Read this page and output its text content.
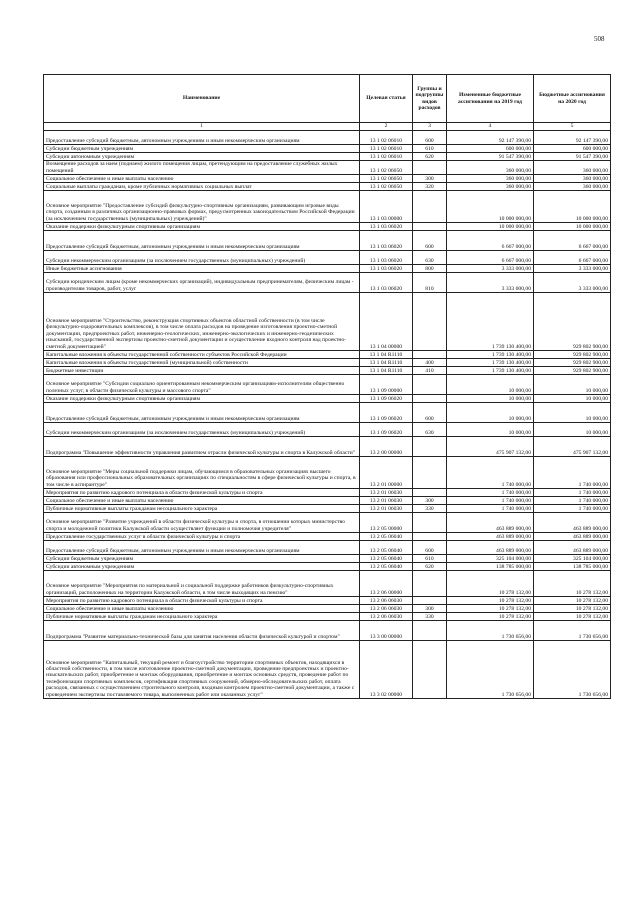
508
Наименование	Целевая статья	Группы и подгруппы видов расходов	Измененные бюджетные ассигнования на 2019 год	Бюджетные ассигнования на 2020 год
1	2	3	4	5
Предоставление субсидий бюджетным, автономным учреждениям и иным некоммерческим организациям	13 1 02 06010	600	92 147 390,00	92 147 390,00
Субсидии бюджетным учреждениям	13 1 02 06010	610	600 000,00	600 000,00
Субсидии автономным учреждениям	13 1 02 06010	620	91 547 390,00	91 547 390,00
Возмещение расходов за наем (поднаем) жилого помещения лицам, претендующим на предоставление служебных жилых помещений	13 1 02 06050		360 000,00	360 000,00
Социальное обеспечение и иные выплаты населению	13 1 02 06050	300	360 000,00	360 000,00
Социальные выплаты гражданам, кроме публичных нормативных социальных выплат	13 1 02 06050	320	360 000,00	360 000,00
Основное мероприятие "Предоставление субсидий физкультурно-спортивным организациям, развивающим игровые виды спорта, созданным в различных организационно-правовых формах, предусмотренных законодательством Российской Федерации (за исключением государственных (муниципальных) учреждений)"	13 1 03 00000		10 000 000,00	10 000 000,00
Оказание поддержки физкультурным спортивным организациям	13 1 03 06020		10 000 000,00	10 000 000,00
Предоставление субсидий бюджетным, автономным учреждениям и иным некоммерческим организациям	13 1 03 06020	600	6 667 000,00	6 667 000,00
Субсидии некоммерческим организациям (за исключением государственных (муниципальных) учреждений)	13 1 03 06020	630	6 667 000,00	6 667 000,00
Иные бюджетные ассигнования	13 1 03 06020	800	3 333 000,00	3 333 000,00
Субсидии юридическим лицам (кроме некоммерческих организаций), индивидуальным предпринимателям, физическим лицам - производителям товаров, работ, услуг	13 1 03 06020	810	3 333 000,00	3 333 000,00
Основное мероприятие "Строительство, реконструкция спортивных объектов областной собственности (в том числе физкультурно-оздоровительных комплексов), в том числе оплата расходов на проведение изготовления проектно-сметной документации, предпроектных работ, инженерно-геологических, инженерно-экологических и инженерно-геодезических изысканий, государственной экспертизы проектно-сметной документации и осуществление входного контроля над проектно-сметной документацией"	13 1 04 00000		1 739 130 400,00	929 802 900,00
Капитальные вложения в объекты государственной собственности субъектов Российской Федерации	13 1 04 R1110		1 739 130 400,00	929 802 900,00
Капитальные вложения в объекты государственной (муниципальной) собственности	13 1 04 R1110	400	1 739 130 400,00	929 802 900,00
Бюджетные инвестиции	13 1 04 R1110	410	1 739 130 400,00	929 802 900,00
Основное мероприятие "Субсидии социально ориентированным некоммерческим организациям-исполнителям общественно полезных услуг, в области физической культуры и массового спорта"	13 1 09 00000		10 000,00	10 000,00
Оказание поддержки физкультурным спортивным организациям	13 1 09 06020		10 000,00	10 000,00
Предоставление субсидий бюджетным, автономным учреждениям и иным некоммерческим организациям	13 1 09 06020	600	10 000,00	10 000,00
Субсидии некоммерческим организациям (за исключением государственных (муниципальных) учреждений)	13 1 09 06020	630	10 000,00	10 000,00
Подпрограмма "Повышение эффективности управления развитием отрасли физической культуры и спорта в Калужской области"	13 2 00 00000		475 907 132,00	475 907 132,00
Основное мероприятие "Меры социальной поддержки лицам, обучающимся в образовательных организациях высшего образования или профессиональных образовательных организациях по специальностям в сфере физической культуры и спорта, в том числе в аспирантуре"	13 2 01 00000		1 740 000,00	1 740 000,00
Мероприятия по развитию кадрового потенциала в области физической культуры и спорта	13 2 01 06030		1 740 000,00	1 740 000,00
Социальное обеспечение и иные выплаты населению	13 2 01 06030	300	1 740 000,00	1 740 000,00
Публичные нормативные выплаты гражданам несоциального характера	13 2 01 06030	330	1 740 000,00	1 740 000,00
Основное мероприятие "Развитие учреждений в области физической культуры и спорта, в отношении которых министерство спорта и молодежной политики Калужской области осуществляет функции и полномочия учредителя"	13 2 05 00000		463 889 000,00	463 889 000,00
Предоставление государственных услуг в области физической культуры и спорта	13 2 05 06040		463 889 000,00	463 889 000,00
Предоставление субсидий бюджетным, автономным учреждениям и иным некоммерческим организациям	13 2 05 06040	600	463 889 000,00	463 889 000,00
Субсидии бюджетным учреждениям	13 2 05 06040	610	325 104 000,00	325 104 000,00
Субсидии автономным учреждениям	13 2 05 06040	620	138 785 000,00	138 785 000,00
Основное мероприятие "Мероприятия по материальной и социальной поддержке работников физкультурно-спортивных организаций, расположенных на территории Калужской области, в том числе выходящих на пенсию"	13 2 06 00000		10 278 132,00	10 278 132,00
Мероприятия по развитию кадрового потенциала в области физической культуры и спорта	13 2 06 06030		10 278 132,00	10 278 132,00
Социальное обеспечение и иные выплаты населению	13 2 06 06030	300	10 278 132,00	10 278 132,00
Публичные нормативные выплаты гражданам несоциального характера	13 2 06 06030	330	10 278 132,00	10 278 132,00
Подпрограмма "Развитие материально-технической базы для занятия населения области физической культурой и спортом"	13 3 00 00000		1 730 656,00	1 730 656,00
Основное мероприятие "Капитальный, текущий ремонт и благоустройство территории спортивных объектов, находящихся в областной собственности, в том числе изготовление проектно-сметной документации, проведение предпроектных и проектно-изыскательских работ, приобретение и монтаж оборудования, приобретение и монтаж основных средств, проведение работ по телефонизации спортивных комплексов, сертификация спортивных сооружений, обмерно-обследовательских работ, оплата расходов, связанных с осуществлением строительного контроля, входным контролем проектно-сметной документации, а также с проведением экспертизы поставляемого товара, выполненных работ или оказанных услуг"	13 3 02 00000		1 730 656,00	1 730 656,00
